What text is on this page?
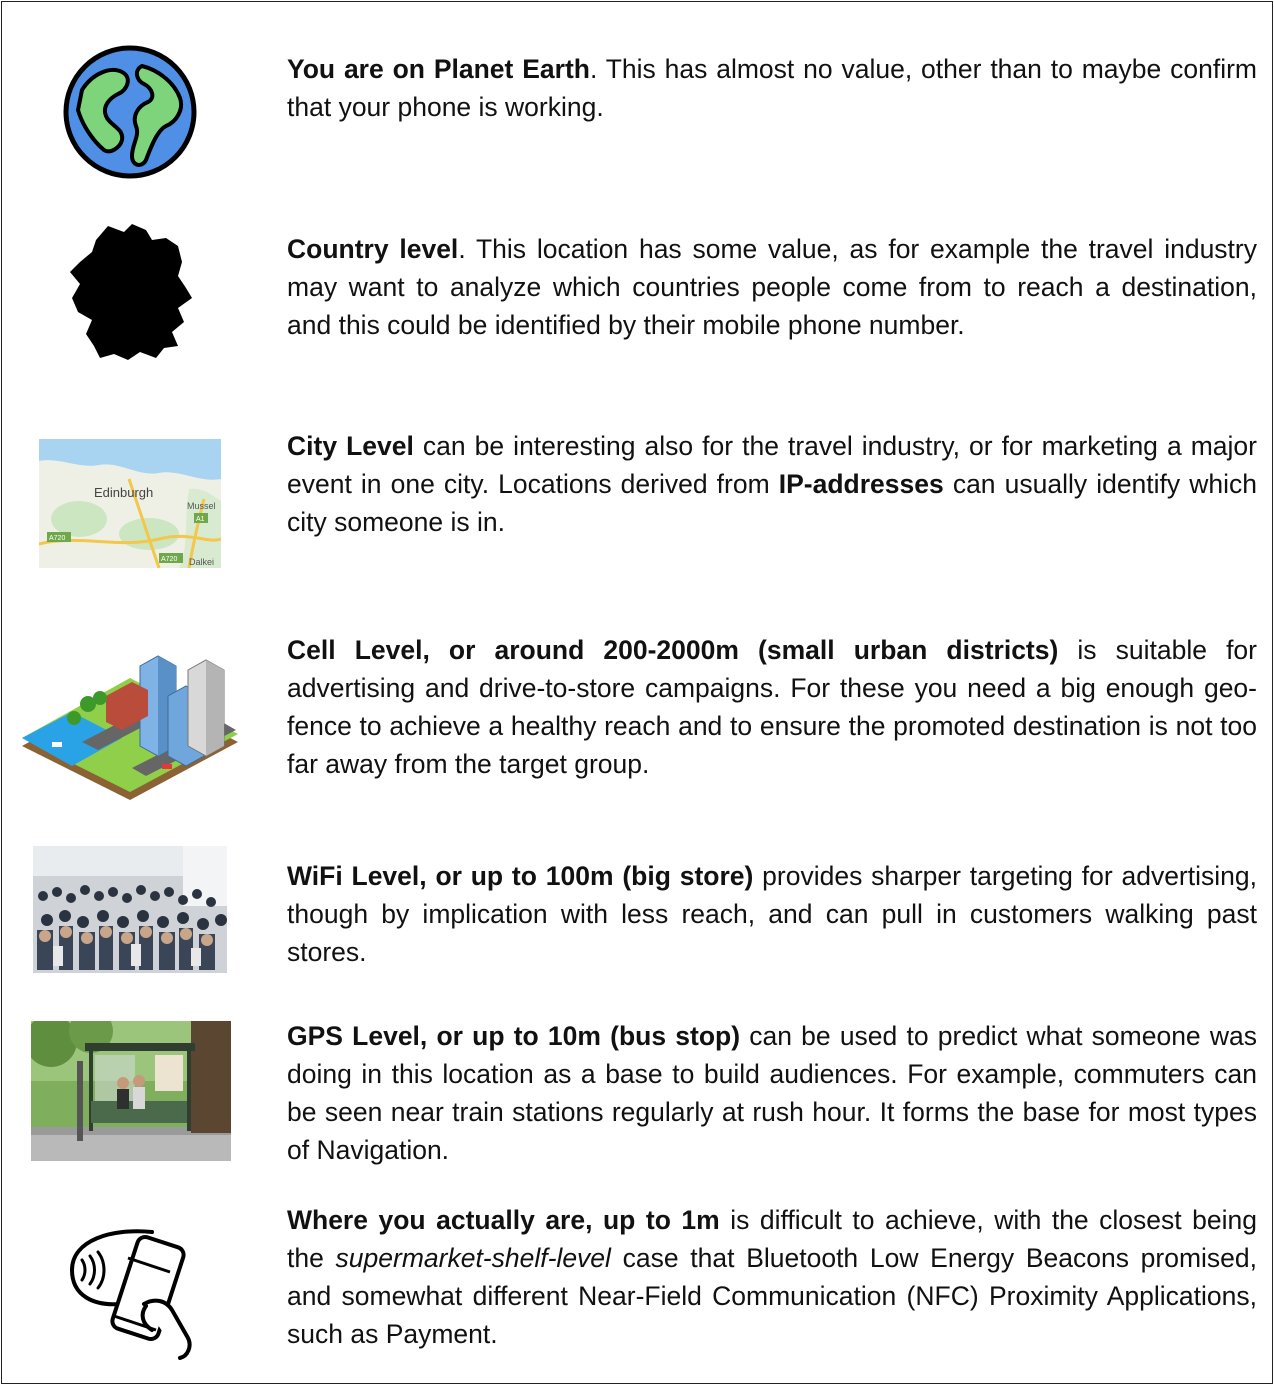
You are on Planet Earth. This has almost no value, other than to maybe confirm that your phone is working.
Country level. This location has some value, as for example the travel industry may want to analyze which countries people come from to reach a destination, and this could be identified by their mobile phone number.
Edinburgh
Mussel
A1
A720
A720 Dalkei
City Level can be interesting also for the travel industry, or for marketing a major event in one city. Locations derived from IP-addresses can usually identify which city someone is in.
Cell Level, or around 200-2000m (small urban districts) is suitable for advertising and drive-to-store campaigns. For these you need a big enough geo-fence to achieve a healthy reach and to ensure the promoted destination is not too far away from the target group.
WiFi Level, or up to 100m (big store) provides sharper targeting for advertising, though by implication with less reach, and can pull in customers walking past stores.
GPS Level, or up to 10m (bus stop) can be used to predict what someone was doing in this location as a base to build audiences. For example, commuters can be seen near train stations regularly at rush hour. It forms the base for most types of Navigation.
Where you actually are, up to 1m is difficult to achieve, with the closest being the supermarket-shelf-level case that Bluetooth Low Energy Beacons promised, and somewhat different Near-Field Communication (NFC) Proximity Applications, such as Payment.
